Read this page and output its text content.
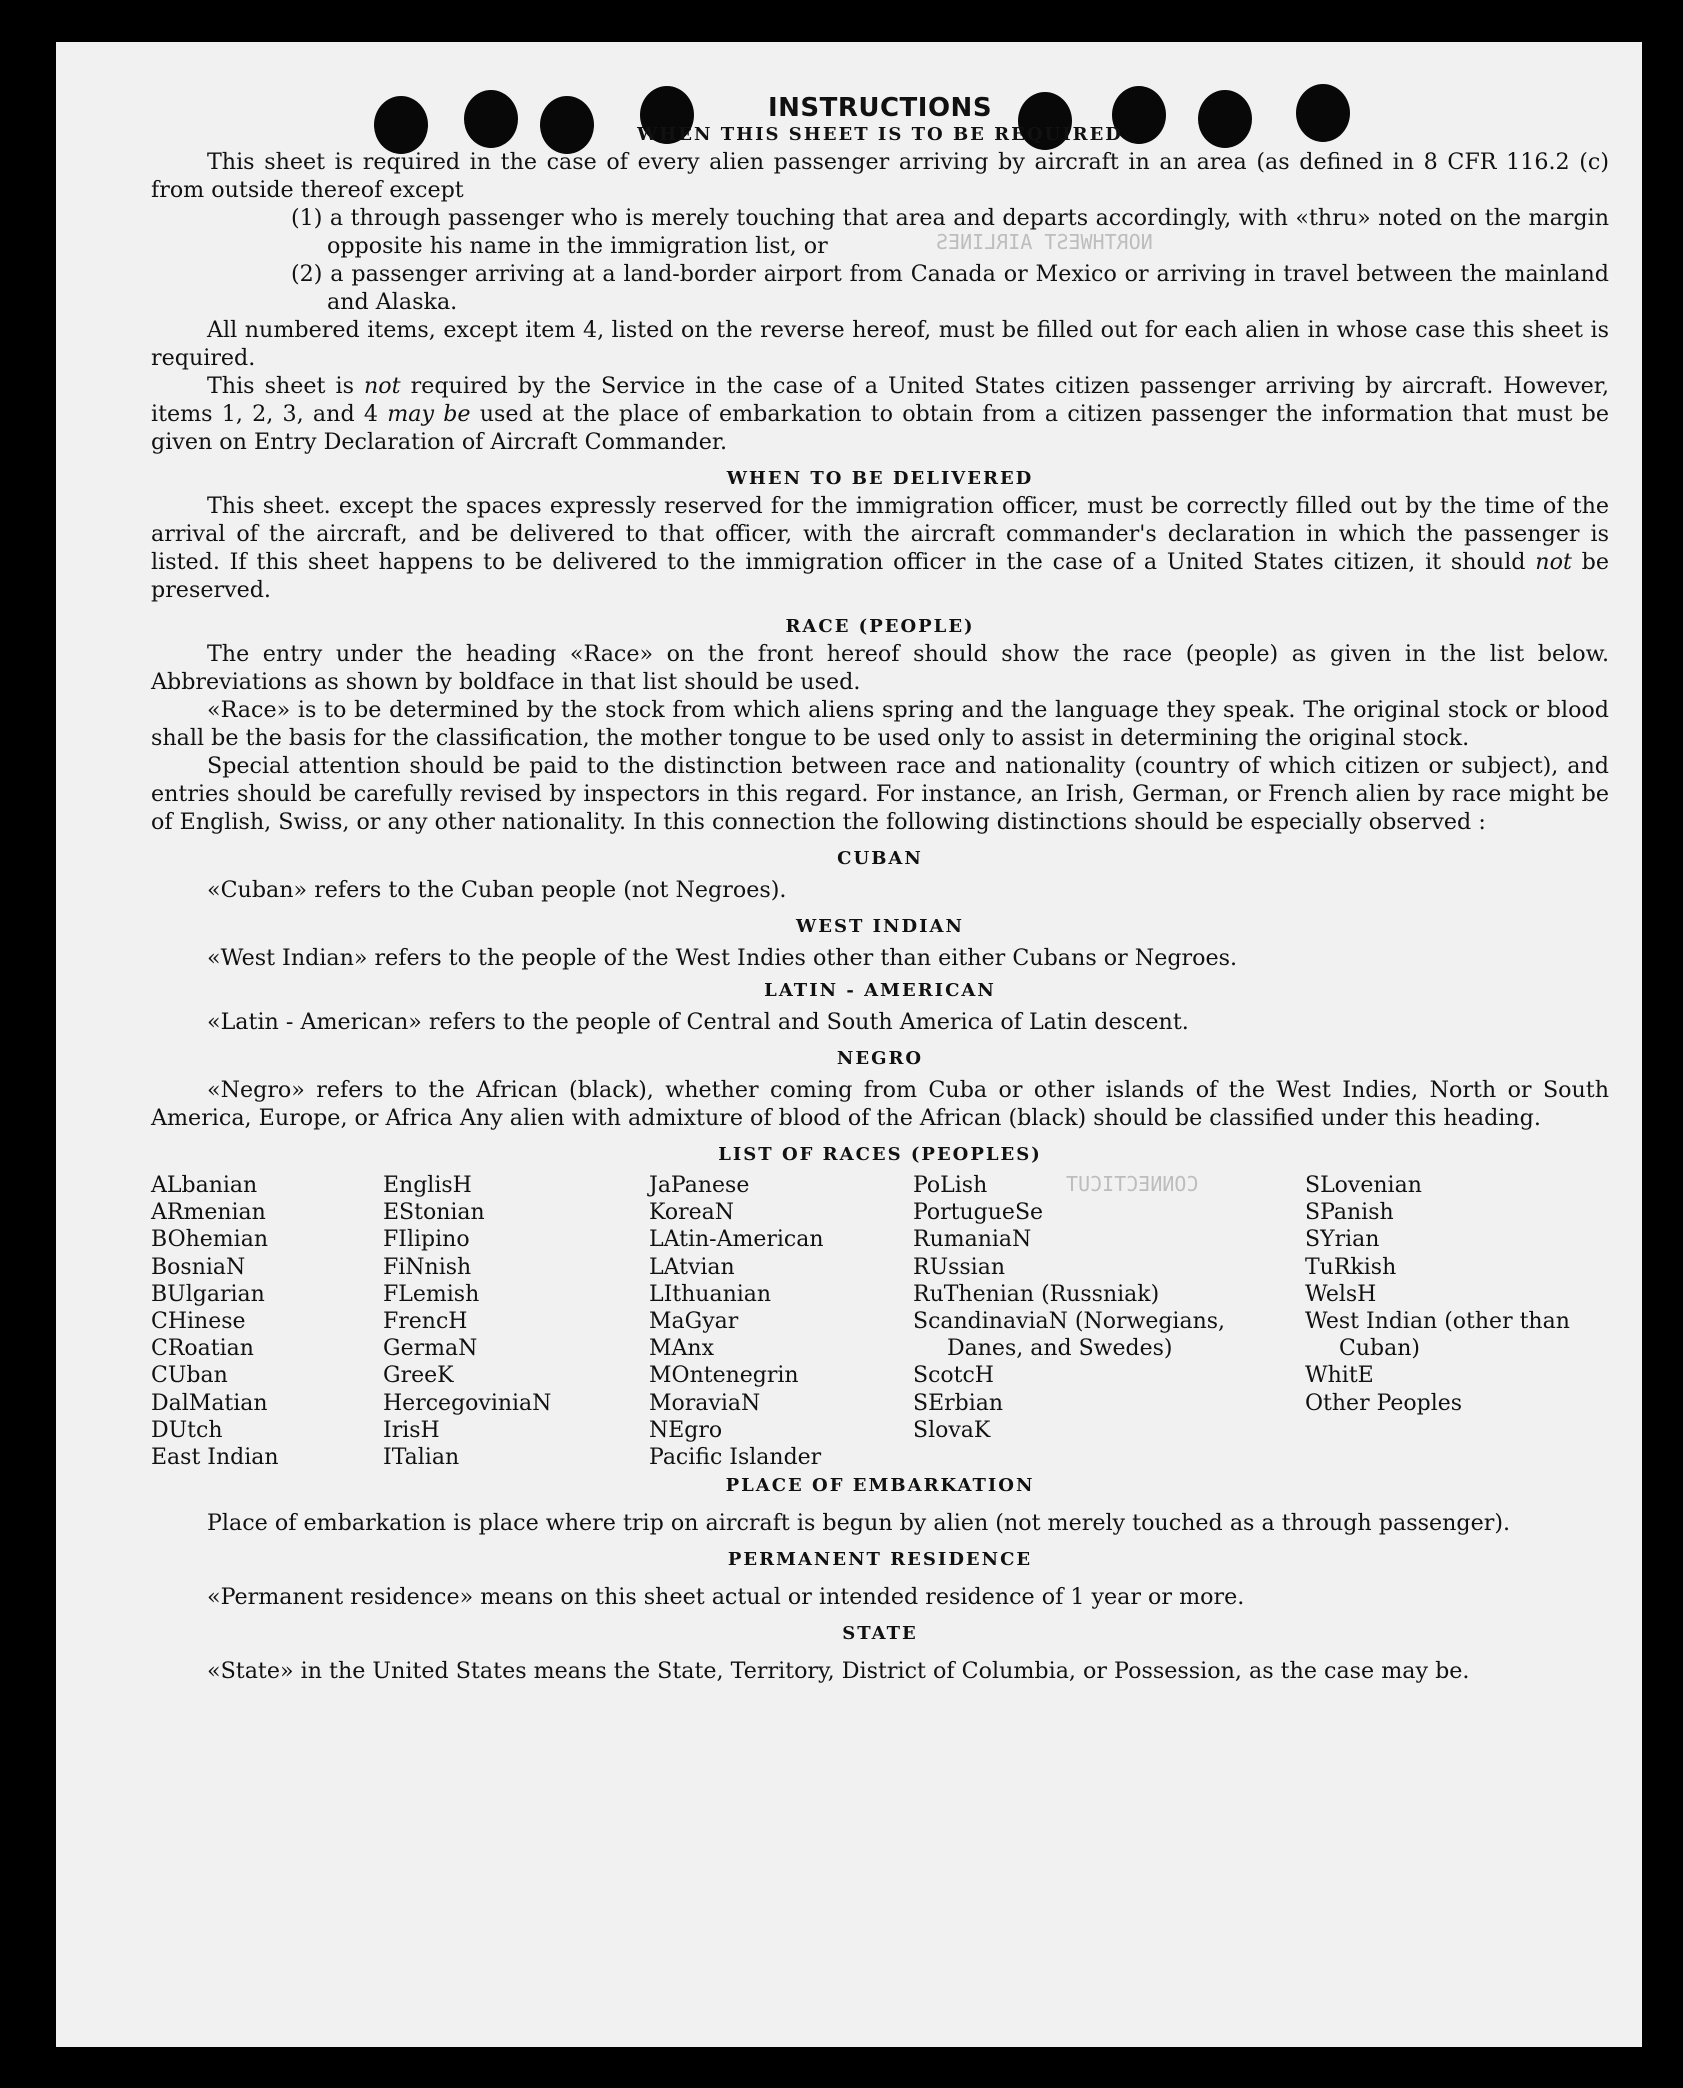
NORTHWEST AIRLINES
CONNECTICUT
INSTRUCTIONS
WHEN THIS SHEET IS TO BE REQUIRED

This sheet is required in the case of every alien passenger arriving by aircraft in an area (as defined in 8 CFR 116.2 (c) from outside thereof except

(1) a through passenger who is merely touching that area and departs accordingly, with «thru» noted on the margin opposite his name in the immigration list, or

(2) a passenger arriving at a land-border airport from Canada or Mexico or arriving in travel between the mainland and Alaska.

All numbered items, except item 4, listed on the reverse hereof, must be filled out for each alien in whose case this sheet is required.

This sheet is not required by the Service in the case of a United States citizen passenger arriving by aircraft. However, items 1, 2, 3, and 4 may be used at the place of embarkation to obtain from a citizen passenger the information that must be given on Entry Declaration of Aircraft Commander.

WHEN TO BE DELIVERED

This sheet. except the spaces expressly reserved for the immigration officer, must be correctly filled out by the time of the arrival of the aircraft, and be delivered to that officer, with the aircraft commander's declaration in which the passenger is listed. If this sheet happens to be delivered to the immigration officer in the case of a United States citizen, it should not be preserved.

RACE (PEOPLE)

The entry under the heading «Race» on the front hereof should show the race (people) as given in the list below. Abbreviations as shown by boldface in that list should be used.

«Race» is to be determined by the stock from which aliens spring and the language they speak. The original stock or blood shall be the basis for the classification, the mother tongue to be used only to assist in determining the original stock.

Special attention should be paid to the distinction between race and nationality (country of which citizen or subject), and entries should be carefully revised by inspectors in this regard. For instance, an Irish, German, or French alien by race might be of English, Swiss, or any other nationality. In this connection the following distinctions should be especially observed :

CUBAN

«Cuban» refers to the Cuban people (not Negroes).

WEST INDIAN

«West Indian» refers to the people of the West Indies other than either Cubans or Negroes.

LATIN - AMERICAN

«Latin - American» refers to the people of Central and South America of Latin descent.

NEGRO

«Negro» refers to the African (black), whether coming from Cuba or other islands of the West Indies, North or South America, Europe, or Africa Any alien with admixture of blood of the African (black) should be classified under this heading.

LIST OF RACES (PEOPLES)
ALbanian
ARmenian
BOhemian
BosniaN
BUlgarian
CHinese
CRoatian
CUban
DalMatian
DUtch
East Indian
EnglisH
EStonian
FIlipino
FiNnish
FLemish
FrencH
GermaN
GreeK
HercegoviniaN
IrisH
ITalian
JaPanese
KoreaN
LAtin-American
LAtvian
LIthuanian
MaGyar
MAnx
MOntenegrin
MoraviaN
NEgro
Pacific Islander
PoLish
PortugueSe
RumaniaN
RUssian
RuThenian (Russniak)
ScandinaviaN (Norwegians, Danes, and Swedes)
ScotcH
SErbian
SlovaK
SLovenian
SPanish
SYrian
TuRkish
WelsH
West Indian (other than Cuban)
WhitE
Other Peoples
PLACE OF EMBARKATION

Place of embarkation is place where trip on aircraft is begun by alien (not merely touched as a through passenger).

PERMANENT RESIDENCE

«Permanent residence» means on this sheet actual or intended residence of 1 year or more.

STATE

«State» in the United States means the State, Territory, District of Columbia, or Possession, as the case may be.
